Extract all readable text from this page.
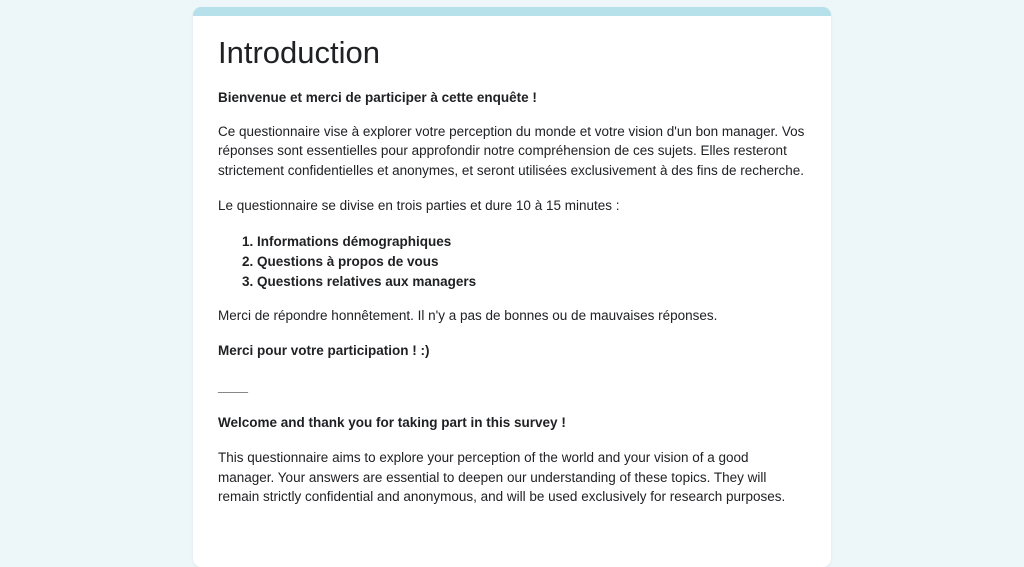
Introduction

Bienvenue et merci de participer à cette enquête !

Ce questionnaire vise à explorer votre perception du monde et votre vision d'un bon manager. Vos réponses sont essentielles pour approfondir notre compréhension de ces sujets. Elles resteront strictement confidentielles et anonymes, et seront utilisées exclusivement à des fins de recherche.

Le questionnaire se divise en trois parties et dure 10 à 15 minutes :

1. Informations démographiques
2. Questions à propos de vous
3. Questions relatives aux managers

Merci de répondre honnêtement. Il n'y a pas de bonnes ou de mauvaises réponses.

Merci pour votre participation ! :)

____

Welcome and thank you for taking part in this survey !

This questionnaire aims to explore your perception of the world and your vision of a good manager. Your answers are essential to deepen our understanding of these topics. They will remain strictly confidential and anonymous, and will be used exclusively for research purposes.
